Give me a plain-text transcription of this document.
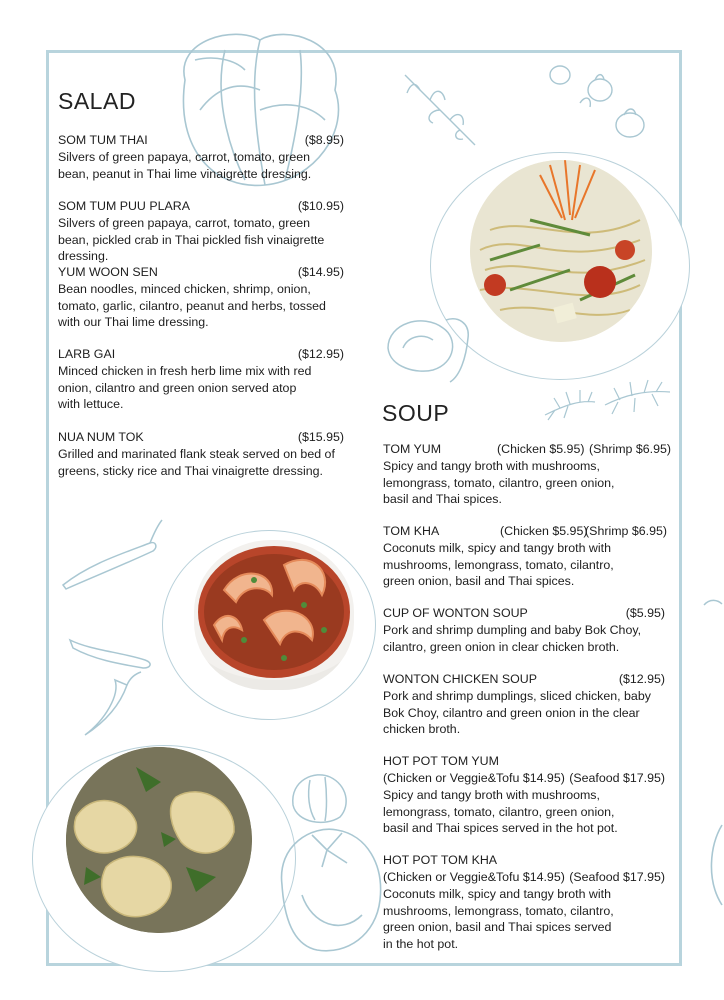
SALAD
SOM TUM THAI	($8.95)
Silvers of green papaya, carrot, tomato, green bean, peanut in Thai lime vinaigrette dressing.
SOM TUM PUU PLARA	($10.95)
Silvers of green papaya, carrot, tomato, green bean, pickled crab in Thai pickled fish vinaigrette dressing.
YUM WOON SEN	($14.95)
Bean noodles, minced chicken, shrimp, onion, tomato, garlic, cilantro, peanut and herbs, tossed with our Thai lime dressing.
LARB GAI	($12.95)
Minced chicken in fresh herb lime mix with red onion, cilantro and green onion served atop with lettuce.
NUA NUM TOK	($15.95)
Grilled and marinated flank steak served on bed of greens, sticky rice and Thai vinaigrette dressing.
SOUP
TOM YUM	(Chicken $5.95) (Shrimp $6.95)
Spicy and tangy broth with mushrooms, lemongrass, tomato, cilantro, green onion, basil and Thai spices.
TOM KHA	(Chicken $5.95)
(Shrimp $6.95)
Coconuts milk, spicy and tangy broth with mushrooms, lemongrass, tomato, cilantro, green onion, basil and Thai spices.
CUP OF WONTON SOUP	($5.95)
Pork and shrimp dumpling and baby Bok Choy, cilantro, green onion in clear chicken broth.
WONTON CHICKEN SOUP	($12.95)
Pork and shrimp dumplings, sliced chicken, baby Bok Choy, cilantro and green onion in the clear chicken broth.
HOT POT TOM YUM
(Chicken or Veggie&Tofu $14.95) (Seafood $17.95)
Spicy and tangy broth with mushrooms, lemongrass, tomato, cilantro, green onion, basil and Thai spices served in the hot pot.
HOT POT TOM KHA
(Chicken or Veggie&Tofu $14.95) (Seafood $17.95)
Coconuts milk, spicy and tangy broth with mushrooms, lemongrass, tomato, cilantro, green onion, basil and Thai spices served in the hot pot.
